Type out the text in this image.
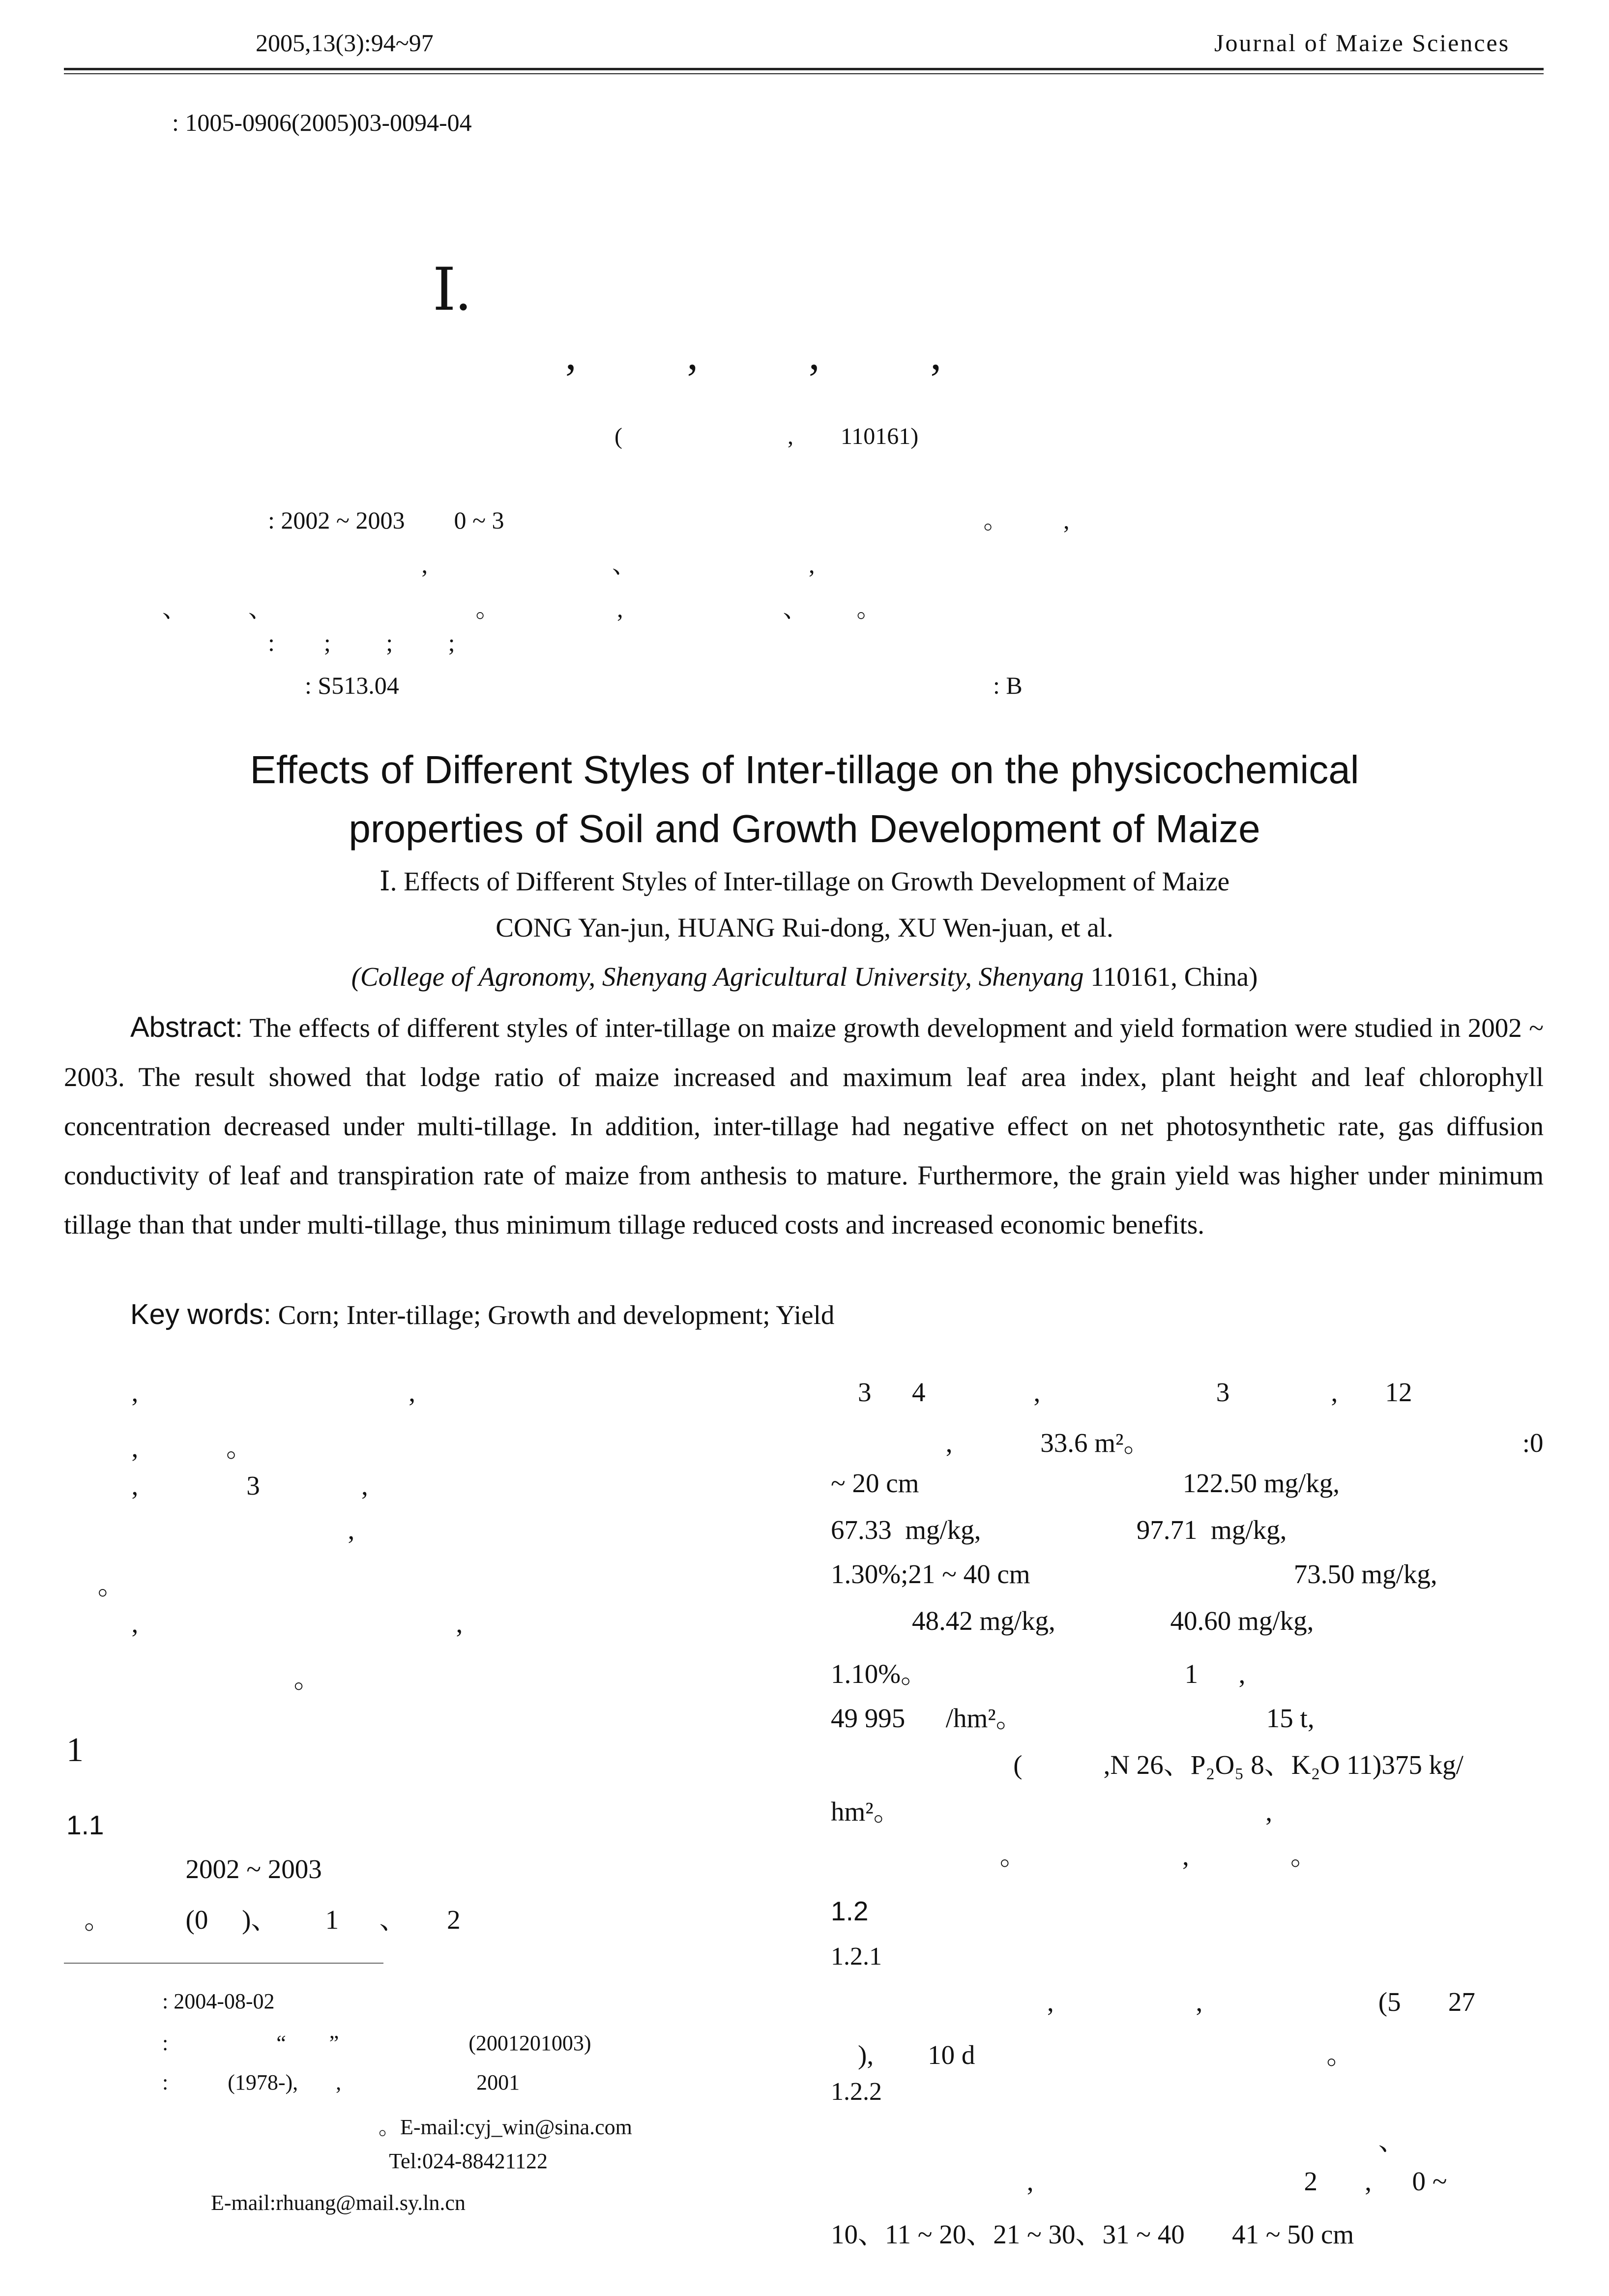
2005,13(3):94~97	Journal of Maize Sciences
: 1005-0906(2005)03-0094-04
Ⅰ.
,          ,          ,          ,
(                            ,        110161)
: 2002 ~ 2003        0 ~ 3                                                                              。         ,
,                              、                            ,
、          、                                 。                   ,                          、        。
:        ;         ;         ;
: S513.04	: B
Effects of Different Styles of Inter-tillage on the physicochemical
properties of Soil and Growth Development of Maize
Ⅰ. Effects of Different Styles of Inter-tillage on Growth Development of Maize
CONG Yan-jun, HUANG Rui-dong, XU Wen-juan, et al.
(College of Agronomy, Shenyang Agricultural University, Shenyang 110161, China)
Abstract: The effects of different styles of inter-tillage on maize growth development and yield formation were studied in 2002 ~ 2003. The result showed that lodge ratio of maize increased and maximum leaf area index, plant height and leaf chlorophyll concentration decreased under multi-tillage. In addition, inter-tillage had negative effect on net photosynthetic rate, gas diffusion conductivity of leaf and transpiration rate of maize from anthesis to mature. Furthermore, the grain yield was higher under minimum tillage than that under multi-tillage, thus minimum tillage reduced costs and increased economic benefits.
Key words: Corn; Inter-tillage; Growth and development; Yield
,                                        ,
,             。
,                3               ,
,
。
,                                               ,
。
1
1.1
2002 ~ 2003
。           (0     )、       1      、      2
: 2004-08-02
:                    “        ”                        (2001201003)
:           (1978-),       ,                         2001
。E-mail:cyj_win@sina.com
Tel:024-88421122
E-mail:rhuang@mail.sy.ln.cn
3      4                ,                          3               ,       12
,             33.6 m²。                                                       :0
~ 20 cm                                       122.50 mg/kg,
67.33  mg/kg,                       97.71  mg/kg,
1.30%;21 ~ 40 cm                                       73.50 mg/kg,
48.42 mg/kg,                 40.60 mg/kg,
1.10%。                                      1      ,
49 995      /hm²。                                    15 t,
(            ,N 26、P₂O₅ 8、K₂O 11)375 kg/
hm²。                                                      ,
。                       ,               。
1.2
1.2.1
,                     ,                          (5       27
),        10 d                                                    。
1.2.2
、
,                                        2       ,      0 ~
10、11 ~ 20、21 ~ 30、31 ~ 40       41 ~ 50 cm
